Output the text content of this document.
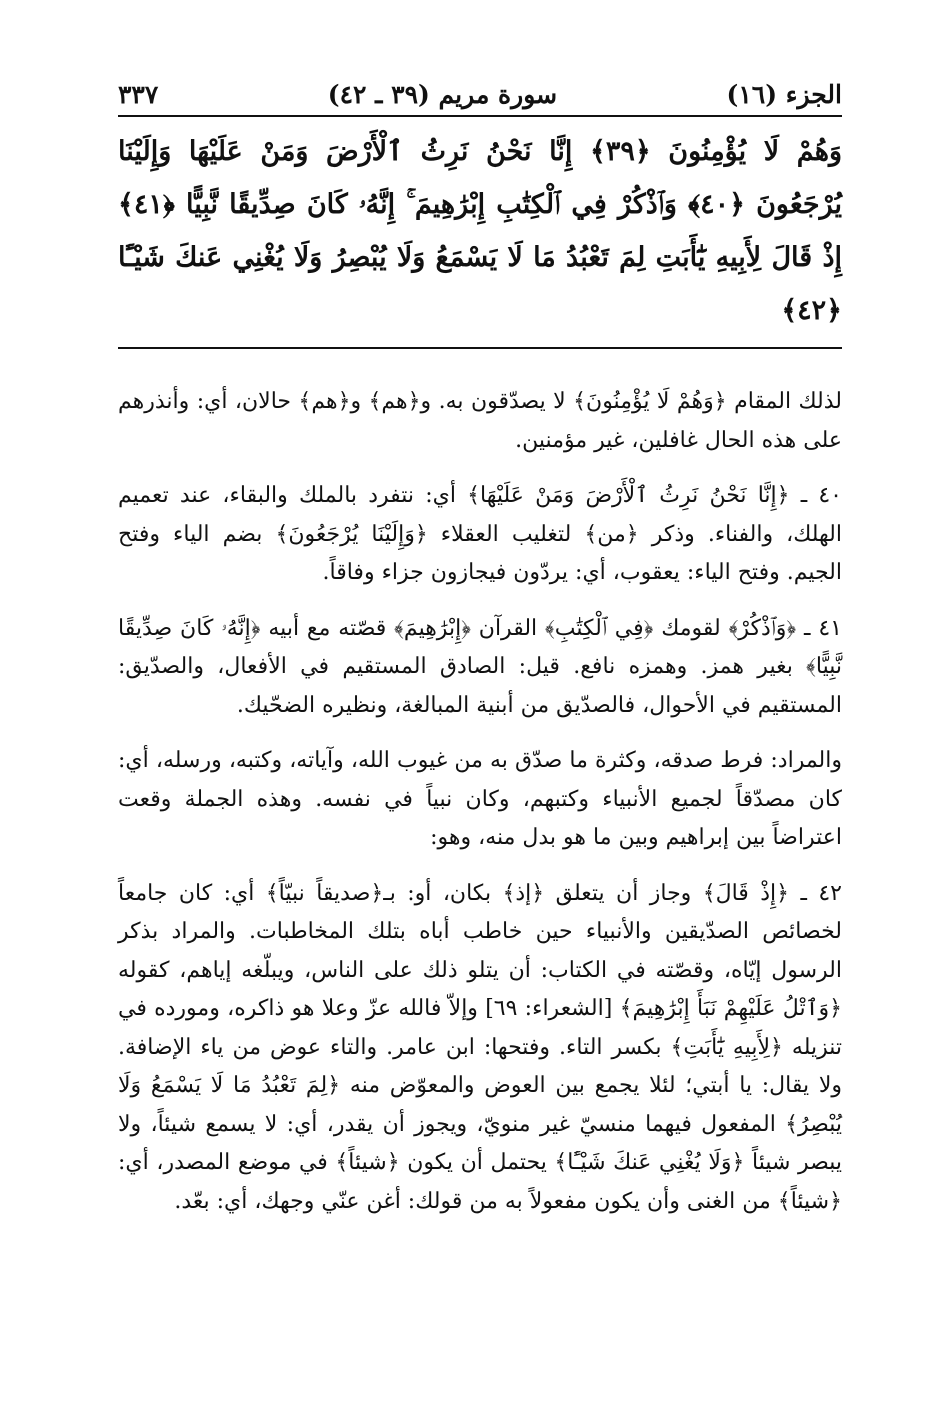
الجزء (١٦)
سورة مريم (٣٩ ـ ٤٢)
٣٣٧

وَهُمْ لَا يُؤْمِنُونَ ﴿٣٩﴾ إِنَّا نَحْنُ نَرِثُ ٱلْأَرْضَ وَمَنْ عَلَيْهَا وَإِلَيْنَا يُرْجَعُونَ ﴿٤٠﴾ وَٱذْكُرْ فِي ٱلْكِتَٰبِ إِبْرَٰهِيمَ ۚ إِنَّهُۥ كَانَ صِدِّيقًا نَّبِيًّا ﴿٤١﴾ إِذْ قَالَ لِأَبِيهِ يَٰٓأَبَتِ لِمَ تَعْبُدُ مَا لَا يَسْمَعُ وَلَا يُبْصِرُ وَلَا يُغْنِي عَنكَ شَيْـًٔا ﴿٤٢﴾

لذلك المقام ﴿وَهُمْ لَا يُؤْمِنُونَ﴾ لا يصدّقون به. و﴿هم﴾ و﴿هم﴾ حالان، أي: وأنذرهم على هذه الحال غافلين، غير مؤمنين.

٤٠ ـ ﴿إِنَّا نَحْنُ نَرِثُ ٱلْأَرْضَ وَمَنْ عَلَيْهَا﴾ أي: نتفرد بالملك والبقاء، عند تعميم الهلك، والفناء. وذكر ﴿من﴾ لتغليب العقلاء ﴿وَإِلَيْنَا يُرْجَعُونَ﴾ بضم الياء وفتح الجيم. وفتح الياء: يعقوب، أي: يردّون فيجازون جزاء وفاقاً.

٤١ ـ ﴿وَٱذْكُرْ﴾ لقومك ﴿فِي ٱلْكِتَٰبِ﴾ القرآن ﴿إِبْرَٰهِيمَ﴾ قصّته مع أبيه ﴿إِنَّهُۥ كَانَ صِدِّيقًا نَّبِيًّا﴾ بغير همز. وهمزه نافع. قيل: الصادق المستقيم في الأفعال، والصدّيق: المستقيم في الأحوال، فالصدّيق من أبنية المبالغة، ونظيره الضحّيك.

والمراد: فرط صدقه، وكثرة ما صدّق به من غيوب الله، وآياته، وكتبه، ورسله، أي: كان مصدّقاً لجميع الأنبياء وكتبهم، وكان نبياً في نفسه. وهذه الجملة وقعت اعتراضاً بين إبراهيم وبين ما هو بدل منه، وهو:

٤٢ ـ ﴿إِذْ قَالَ﴾ وجاز أن يتعلق ﴿إذ﴾ بكان، أو: بـ﴿صديقاً نبيّاً﴾ أي: كان جامعاً لخصائص الصدّيقين والأنبياء حين خاطب أباه بتلك المخاطبات. والمراد بذكر الرسول إيّاه، وقصّته في الكتاب: أن يتلو ذلك على الناس، ويبلّغه إياهم، كقوله ﴿وَٱتْلُ عَلَيْهِمْ نَبَأَ إِبْرَٰهِيمَ﴾ [الشعراء: ٦٩] وإلاّ فالله عزّ وعلا هو ذاكره، ومورده في تنزيله ﴿لِأَبِيهِ يَٰٓأَبَتِ﴾ بكسر التاء. وفتحها: ابن عامر. والتاء عوض من ياء الإضافة. ولا يقال: يا أبتي؛ لئلا يجمع بين العوض والمعوّض منه ﴿لِمَ تَعْبُدُ مَا لَا يَسْمَعُ وَلَا يُبْصِرُ﴾ المفعول فيهما منسيّ غير منويّ، ويجوز أن يقدر، أي: لا يسمع شيئاً، ولا يبصر شيئاً ﴿وَلَا يُغْنِي عَنكَ شَيْـًٔا﴾ يحتمل أن يكون ﴿شيئاً﴾ في موضع المصدر، أي: ﴿شيئاً﴾ من الغنى وأن يكون مفعولاً به من قولك: أغن عنّي وجهك، أي: بعّد.
